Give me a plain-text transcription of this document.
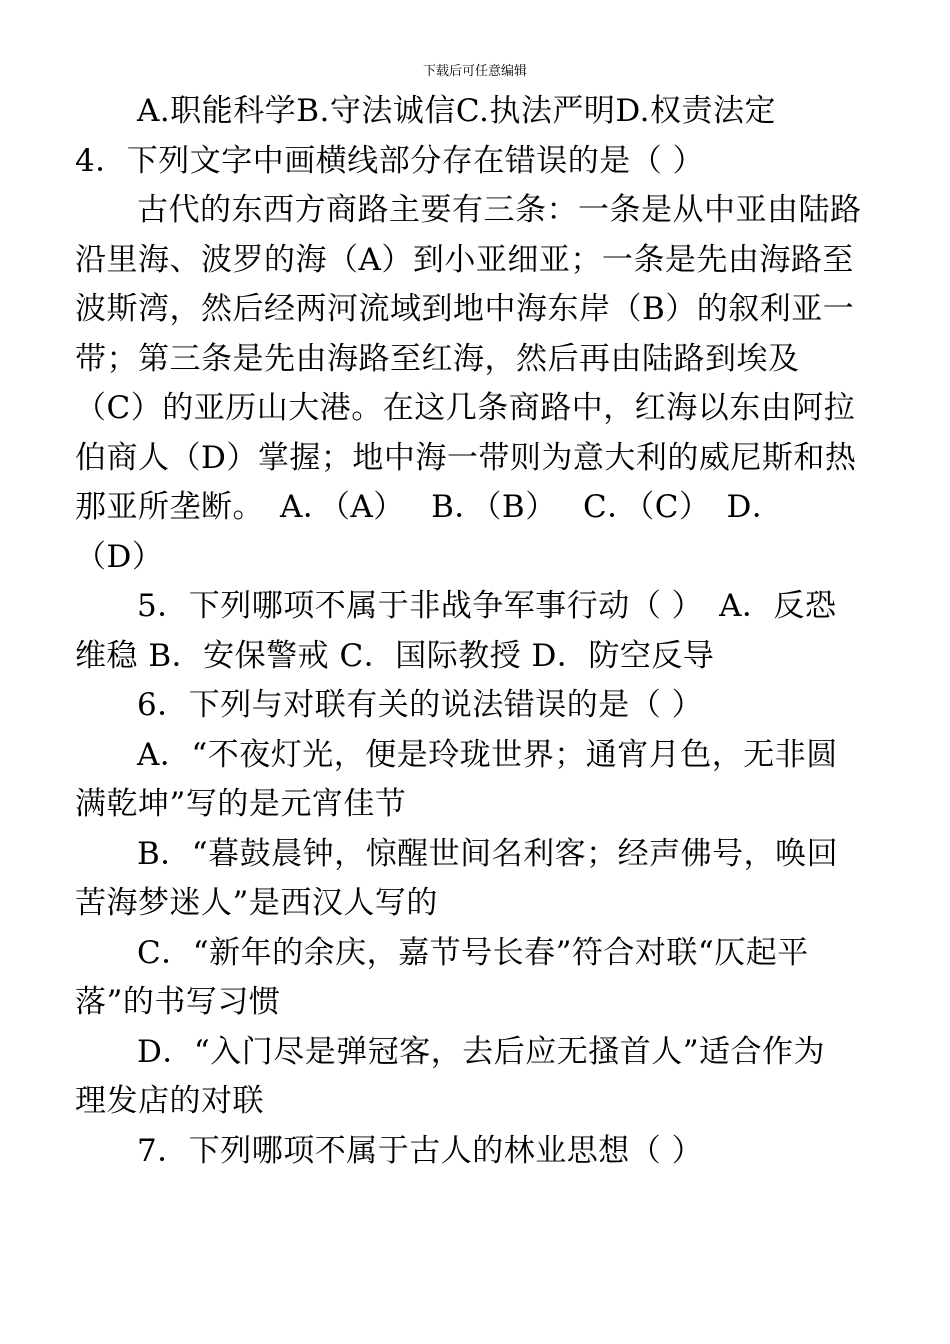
下载后可任意编辑
A.职能科学B.守法诚信C.执法严明D.权责法定
4．下列文字中画横线部分存在错误的是（ ）
古代的东西方商路主要有三条：一条是从中亚由陆路
沿里海、波罗的海（A）到小亚细亚；一条是先由海路至
波斯湾，然后经两河流域到地中海东岸（B）的叙利亚一
带；第三条是先由海路至红海，然后再由陆路到埃及
（C）的亚历山大港。在这几条商路中，红海以东由阿拉
伯商人（D）掌握；地中海一带则为意大利的威尼斯和热
那亚所垄断。　A．（A）　 B．（B）　 C．（C）　D．
（D）
5．下列哪项不属于非战争军事行动（ ）　A．反恐
维稳 B．安保警戒 C．国际教授 D．防空反导
6．下列与对联有关的说法错误的是（ ）
A．“不夜灯光，便是玲珑世界；通宵月色，无非圆
满乾坤”写的是元宵佳节
B．“暮鼓晨钟，惊醒世间名利客；经声佛号，唤回
苦海梦迷人”是西汉人写的
C．“新年的余庆，嘉节号长春”符合对联“仄起平
落”的书写习惯
D．“入门尽是弹冠客，去后应无搔首人”适合作为
理发店的对联
7．下列哪项不属于古人的林业思想（ ）
